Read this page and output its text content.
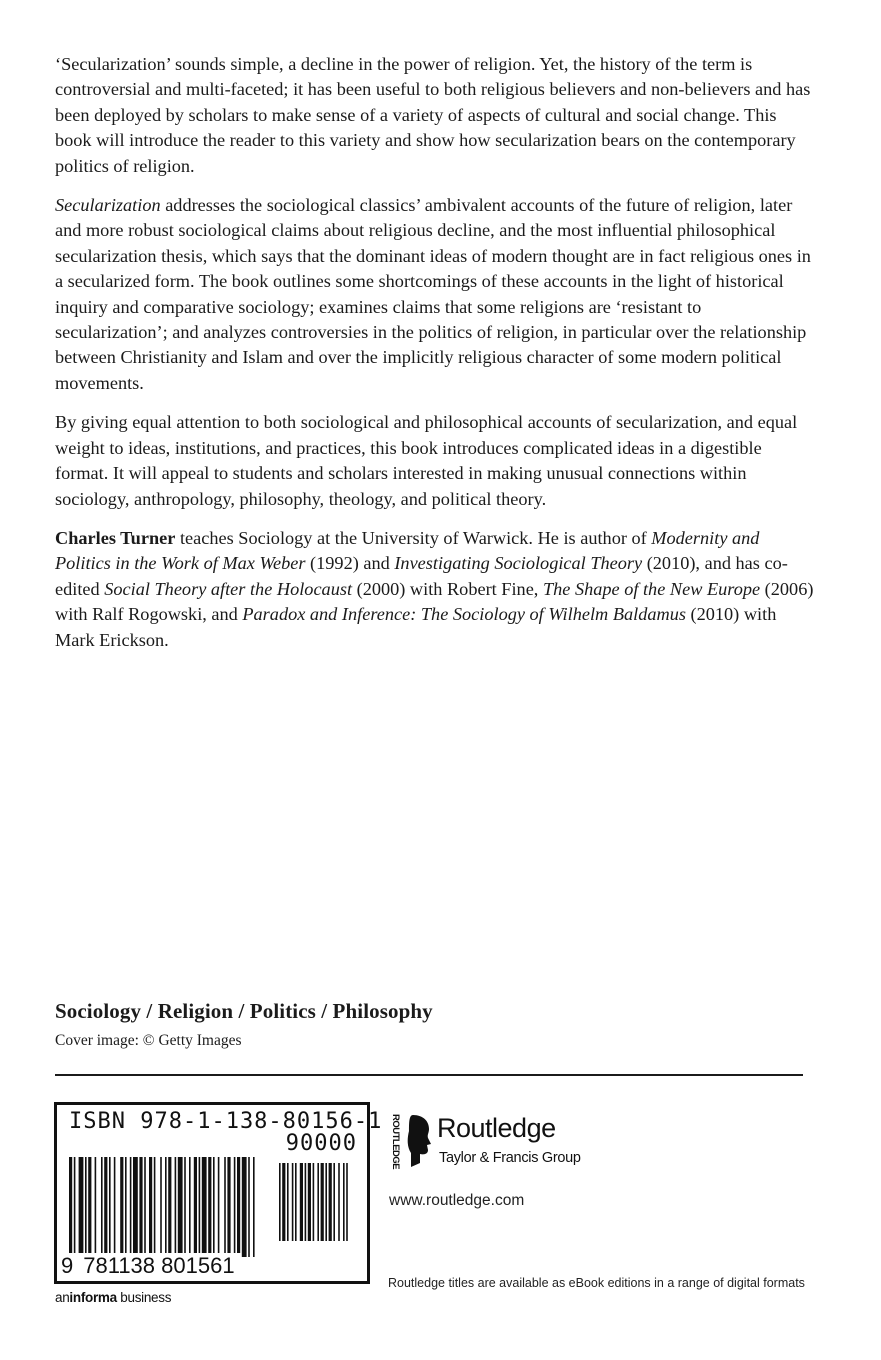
‘Secularization’ sounds simple, a decline in the power of religion. Yet, the history of the term is controversial and multi-faceted; it has been useful to both religious believers and non-believers and has been deployed by scholars to make sense of a variety of aspects of cultural and social change. This book will introduce the reader to this variety and show how secularization bears on the contemporary politics of religion.

Secularization addresses the sociological classics’ ambivalent accounts of the future of religion, later and more robust sociological claims about religious decline, and the most influential philosophical secularization thesis, which says that the dominant ideas of modern thought are in fact religious ones in a secularized form. The book outlines some shortcomings of these accounts in the light of historical inquiry and comparative sociology; examines claims that some religions are ‘resistant to secularization’; and analyzes controversies in the politics of religion, in particular over the relationship between Christianity and Islam and over the implicitly religious character of some modern political movements.

By giving equal attention to both sociological and philosophical accounts of secularization, and equal weight to ideas, institutions, and practices, this book introduces complicated ideas in a digestible format. It will appeal to students and scholars interested in making unusual connections within sociology, anthropology, philosophy, theology, and political theory.

Charles Turner teaches Sociology at the University of Warwick. He is author of Modernity and Politics in the Work of Max Weber (1992) and Investigating Sociological Theory (2010), and has co-edited Social Theory after the Holocaust (2000) with Robert Fine, The Shape of the New Europe (2006) with Ralf Rogowski, and Paradox and Inference: The Sociology of Wilhelm Baldamus (2010) with Mark Erickson.

Sociology / Religion / Politics / Philosophy
Cover image: © Getty Images
ISBN 978-1-138-80156-1
90000
9 781138 801561
aninforma business
ROUTLEDGE Routledge
Taylor & Francis Group
www.routledge.com
Routledge titles are available as eBook editions in a range of digital formats
